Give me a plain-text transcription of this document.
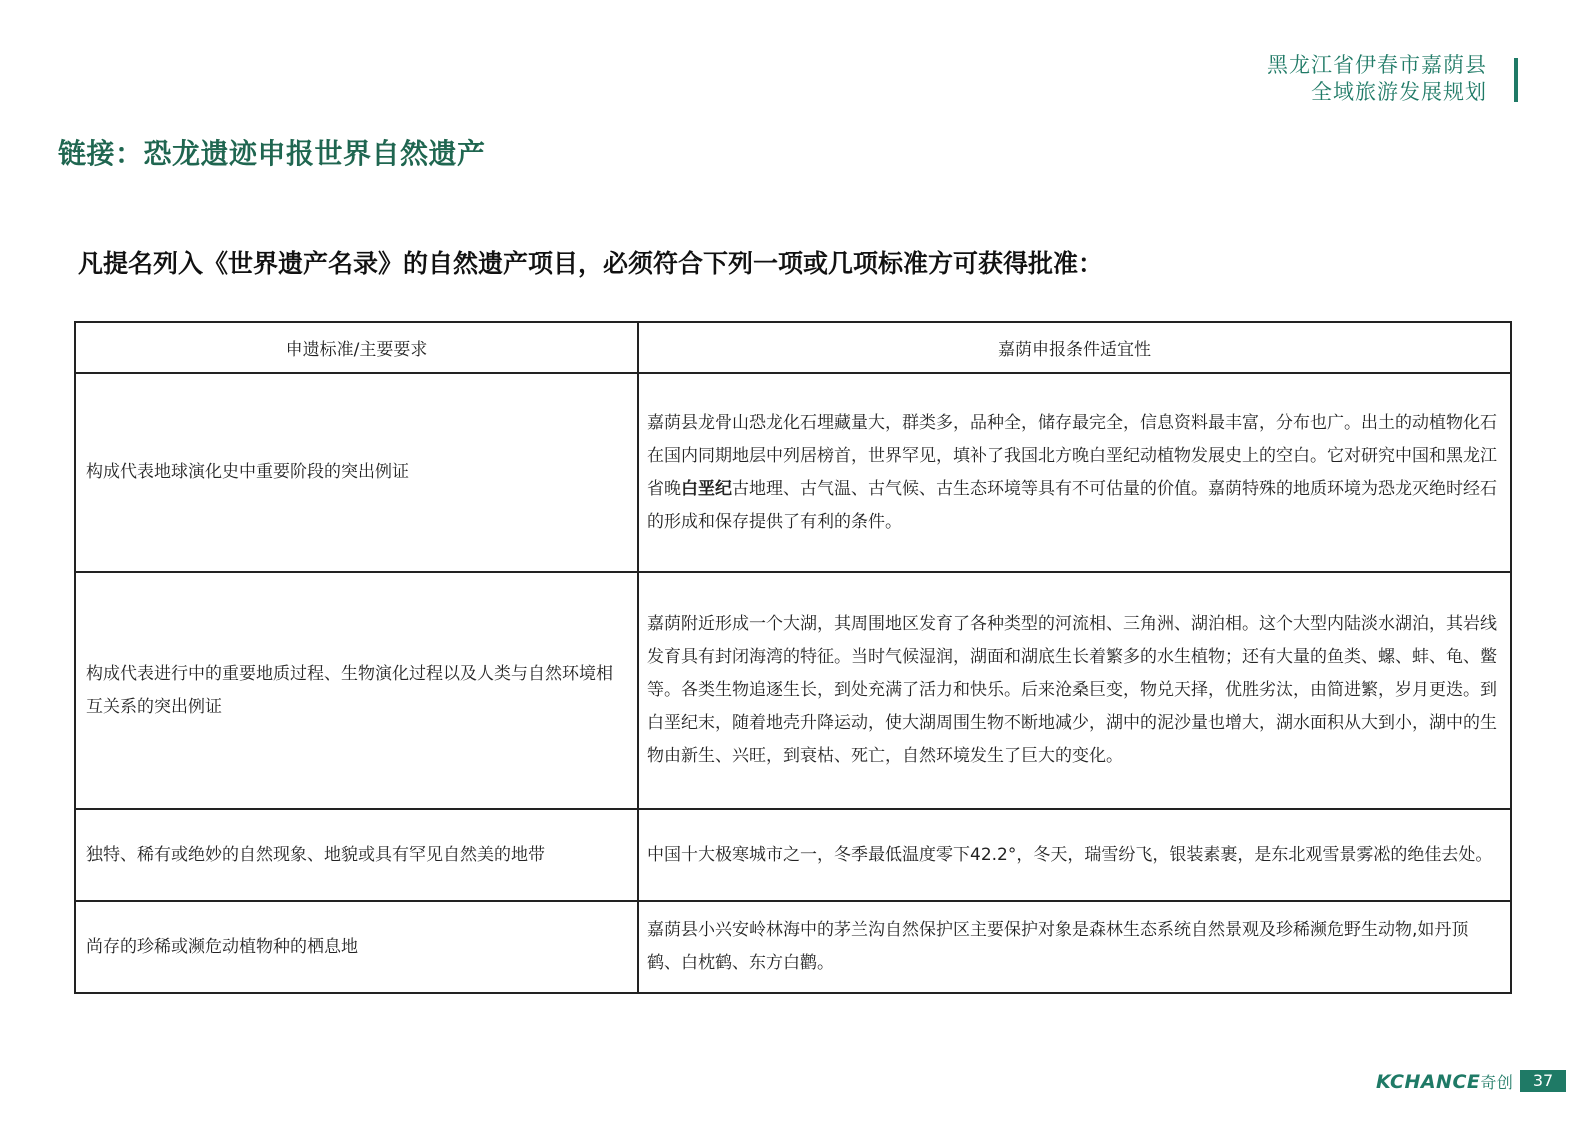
黑龙江省伊春市嘉荫县
全域旅游发展规划
链接：恐龙遗迹申报世界自然遗产
凡提名列入《世界遗产名录》的自然遗产项目，必须符合下列一项或几项标准方可获得批准：
申遗标准/主要要求	嘉荫申报条件适宜性
构成代表地球演化史中重要阶段的突出例证	嘉荫县龙骨山恐龙化石埋藏量大，群类多，品种全，储存最完全，信息资料最丰富，分布也广。出土的动植物化石在国内同期地层中列居榜首，世界罕见，填补了我国北方晚白垩纪动植物发展史上的空白。它对研究中国和黑龙江省晚白垩纪古地理、古气温、古气候、古生态环境等具有不可估量的价值。嘉荫特殊的地质环境为恐龙灭绝时经石的形成和保存提供了有利的条件。
构成代表进行中的重要地质过程、生物演化过程以及人类与自然环境相互关系的突出例证	嘉荫附近形成一个大湖，其周围地区发育了各种类型的河流相、三角洲、湖泊相。这个大型内陆淡水湖泊，其岩线发育具有封闭海湾的特征。当时气候湿润，湖面和湖底生长着繁多的水生植物；还有大量的鱼类、螺、蚌、龟、鳖等。各类生物追逐生长，到处充满了活力和快乐。后来沧桑巨变，物兑天择，优胜劣汰，由简进繁，岁月更迭。到白垩纪末，随着地壳升降运动，使大湖周围生物不断地减少，湖中的泥沙量也增大，湖水面积从大到小，湖中的生物由新生、兴旺，到衰枯、死亡，自然环境发生了巨大的变化。
独特、稀有或绝妙的自然现象、地貌或具有罕见自然美的地带	中国十大极寒城市之一，冬季最低温度零下42.2°，冬天，瑞雪纷飞，银装素裹，是东北观雪景雾凇的绝佳去处。
尚存的珍稀或濒危动植物种的栖息地	嘉荫县小兴安岭林海中的茅兰沟自然保护区主要保护对象是森林生态系统自然景观及珍稀濒危野生动物,如丹顶鹤、白枕鹤、东方白鹳。
KCHANCE奇创	37
